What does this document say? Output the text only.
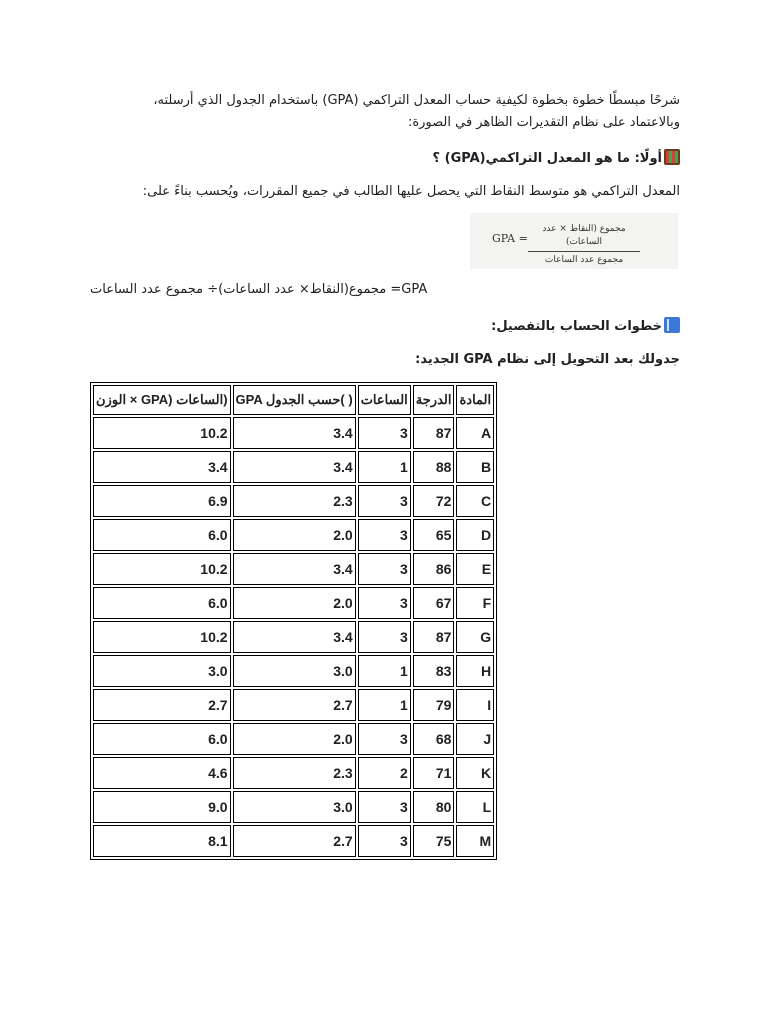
شرحًا مبسطًا خطوة بخطوة لكيفية حساب المعدل التراكمي (GPA) باستخدام الجدول الذي أرسلته، وبالاعتماد على نظام التقديرات الظاهر في الصورة:
أولًا: ما هو المعدل التراكمي(GPA) ؟
المعدل التراكمي هو متوسط النقاط التي يحصل عليها الطالب في جميع المقررات، ويُحسب بناءً على:
GPA =
مجموع (النقاط × عدد الساعات)
مجموع عدد الساعات
GPA= مجموع(النقاط× عدد الساعات)÷ مجموع عدد الساعات
خطوات الحساب بالتفصيل:
جدولك بعد التحويل إلى نظام GPA الجديد:
الوزن × GPA) الساعات)	GPA حسب الجدول( )	الساعات	الدرجة	المادة
10.2	3.4	3	87	A
3.4	3.4	1	88	B
6.9	2.3	3	72	C
6.0	2.0	3	65	D
10.2	3.4	3	86	E
6.0	2.0	3	67	F
10.2	3.4	3	87	G
3.0	3.0	1	83	H
2.7	2.7	1	79	I
6.0	2.0	3	68	J
4.6	2.3	2	71	K
9.0	3.0	3	80	L
8.1	2.7	3	75	M
